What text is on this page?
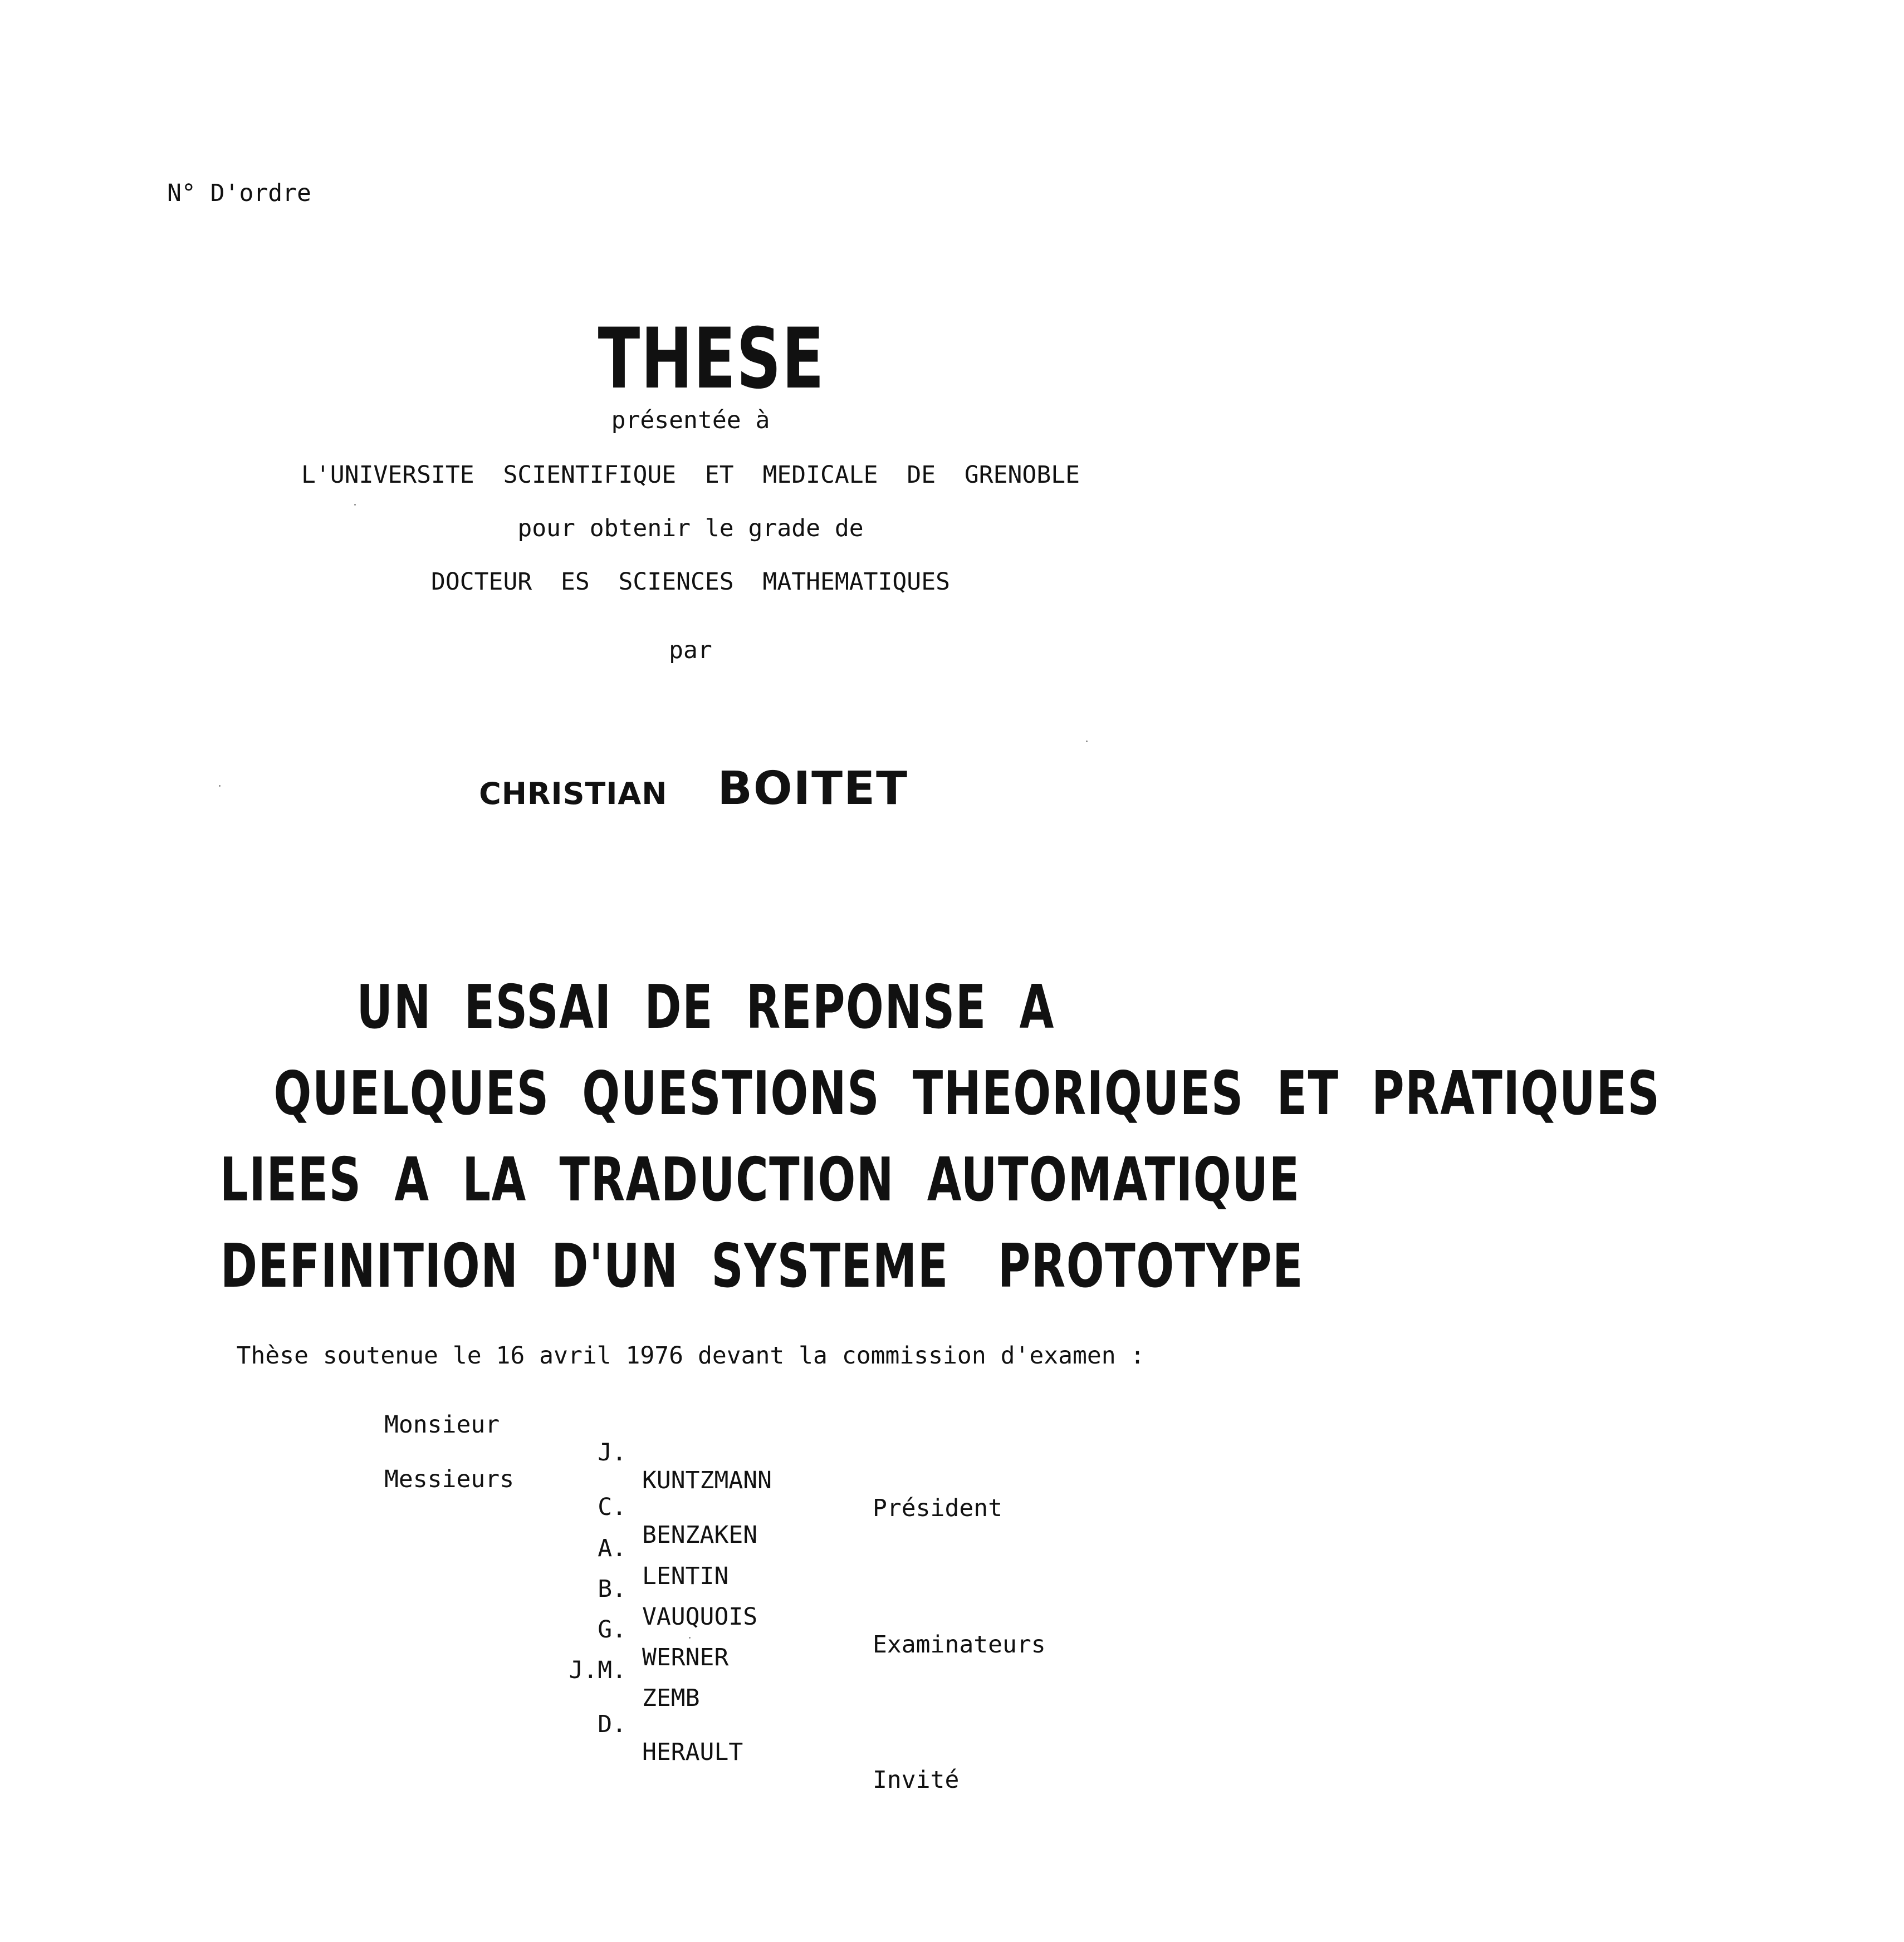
N° D'ordre

THESE

présentée à
L'UNIVERSITE  SCIENTIFIQUE  ET  MEDICALE  DE  GRENOBLE
pour obtenir le grade de
DOCTEUR  ES  SCIENCES  MATHEMATIQUES
par

CHRISTIAN BOITET

UN  ESSAI  DE  REPONSE  A

QUELQUES  QUESTIONS  THEORIQUES  ET  PRATIQUES

LIEES  A  LA  TRADUCTION  AUTOMATIQUE

DEFINITION  D'UN  SYSTEME   PROTOTYPE

Thèse soutenue le 16 avril 1976 devant la commission d'examen :

Monsieur

J.

KUNTZMANN

Président

Messieurs

C.

BENZAKEN

A.

LENTIN

B.

VAUQUOIS

Examinateurs

G.

WERNER

J.M.

ZEMB

D.

HERAULT

Invité
